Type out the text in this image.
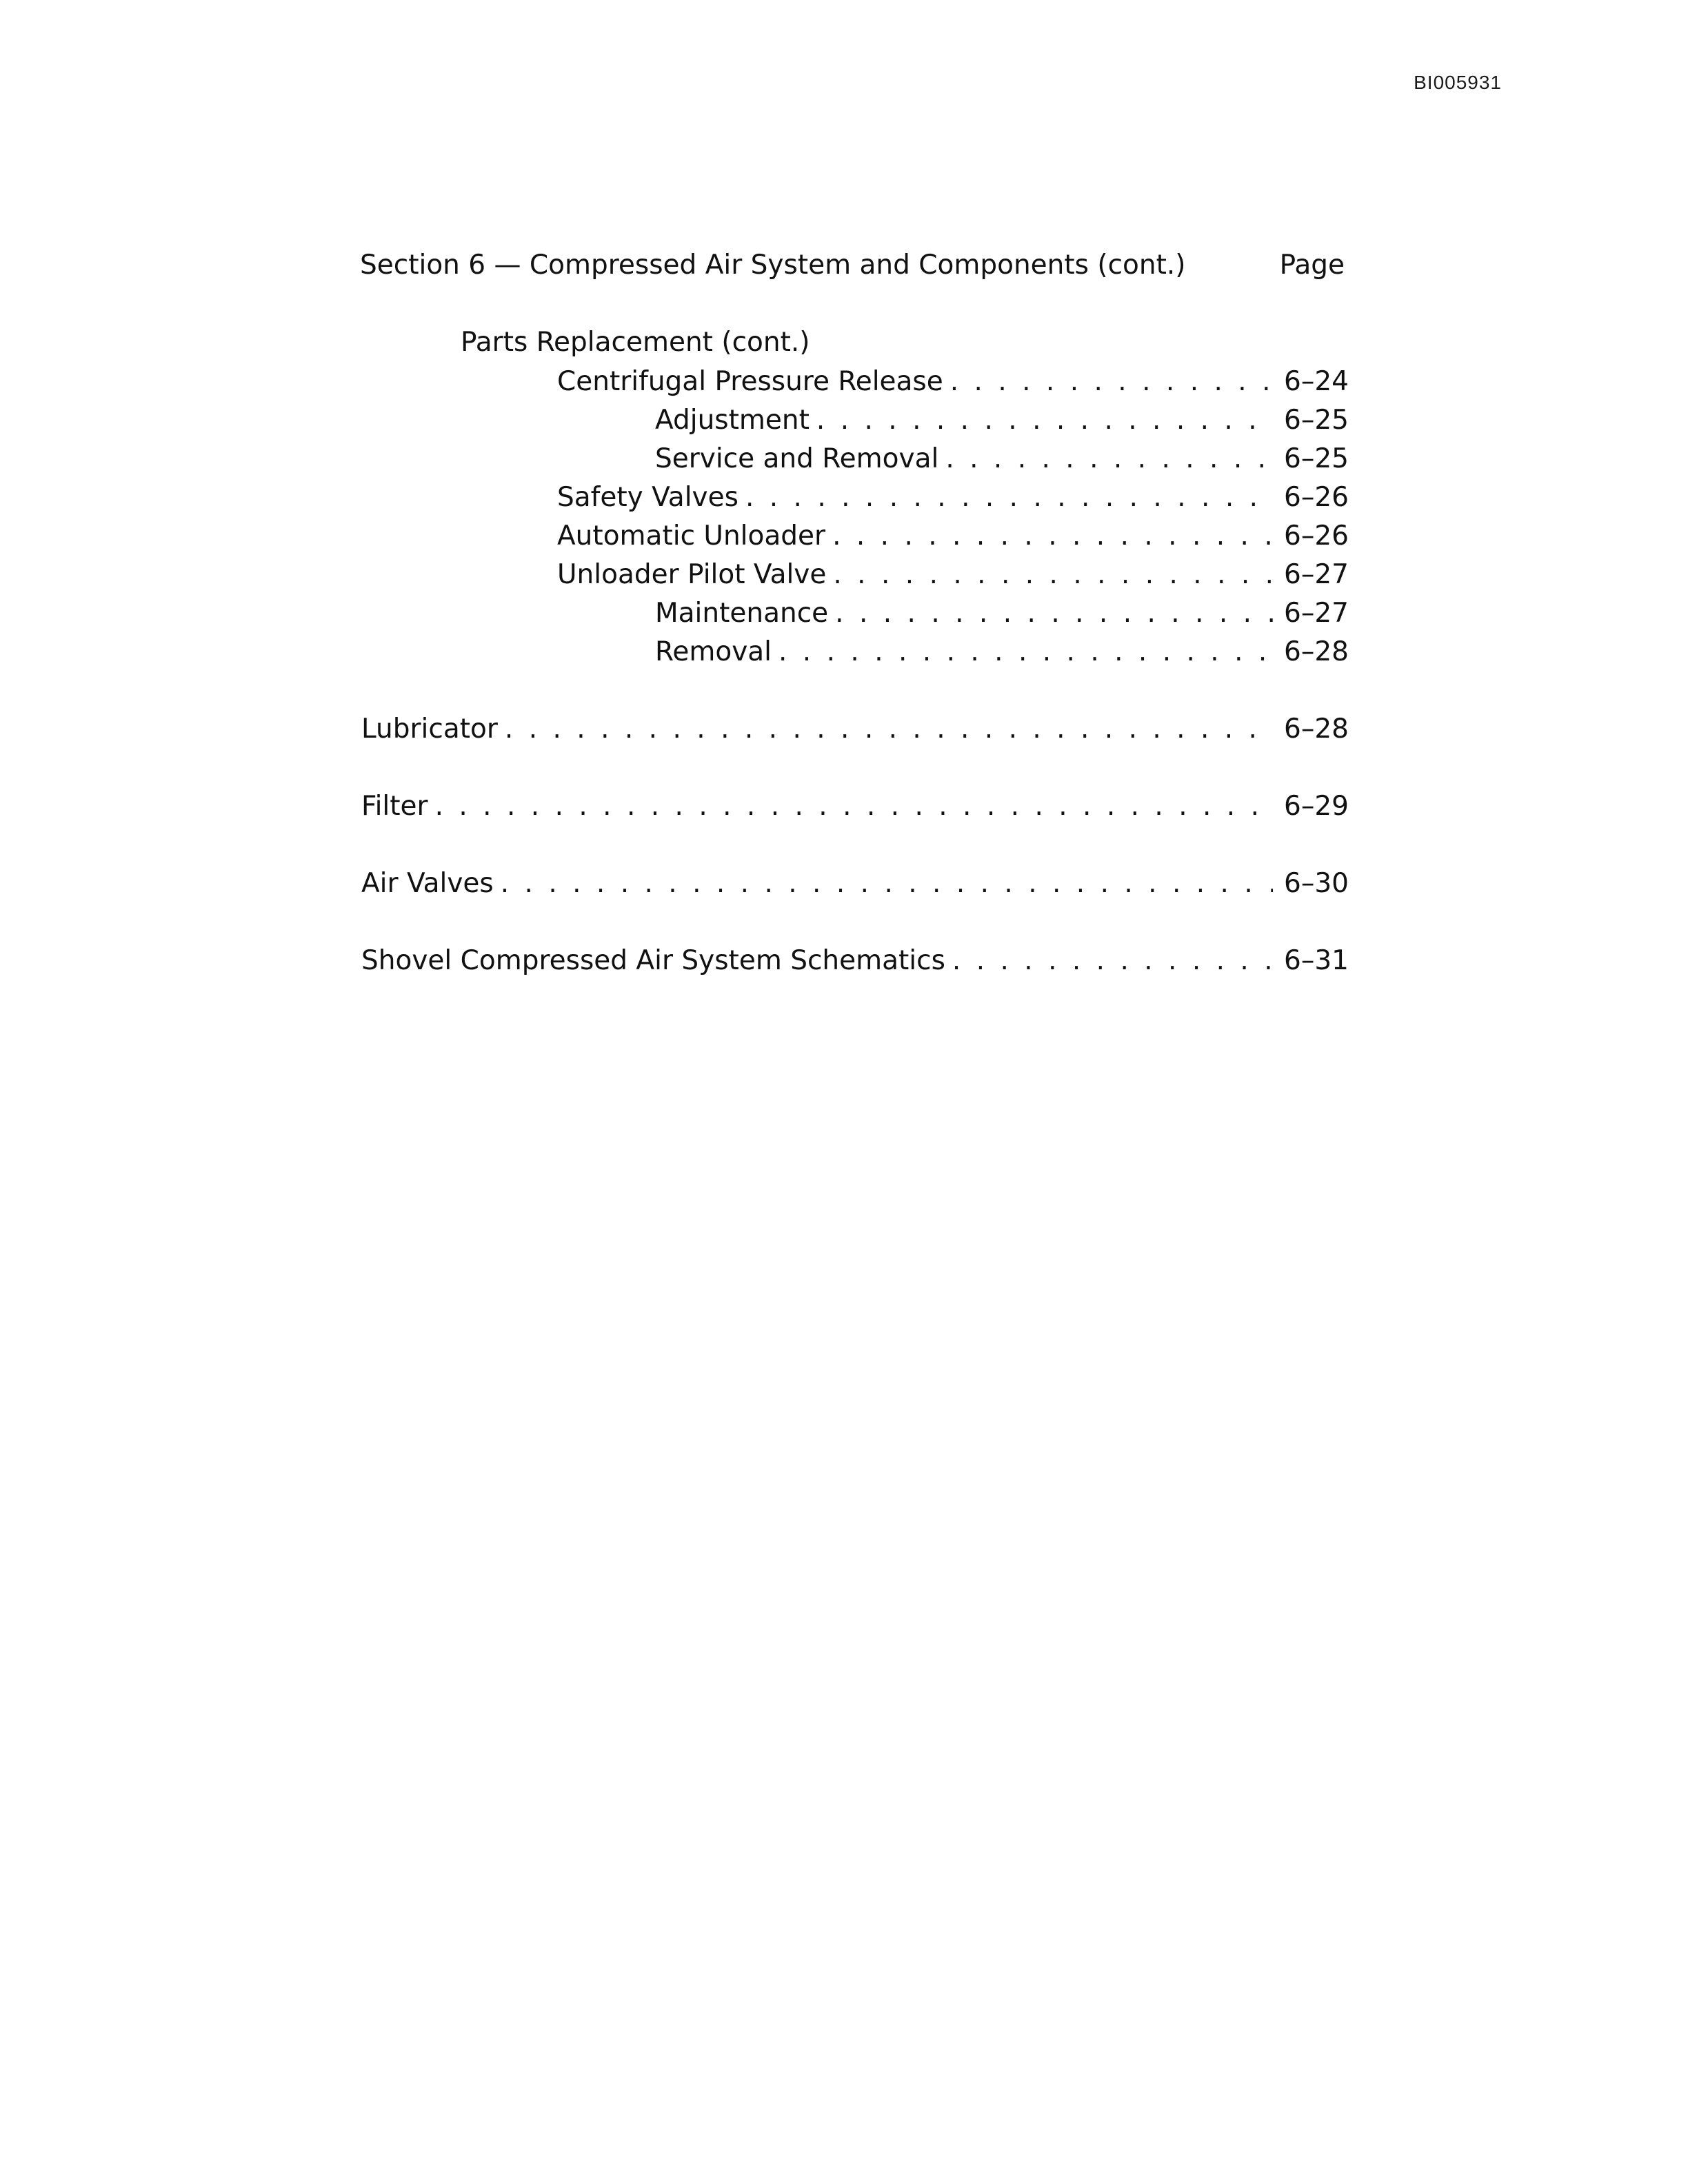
BI005931
Section 6 — Compressed Air System and Components (cont.)	Page
Parts Replacement (cont.)
Centrifugal Pressure Release . . .	6–24
Adjustment . . .	6–25
Service and Removal . . .	6–25
Safety Valves . . .	6–26
Automatic Unloader . . .	6–26
Unloader Pilot Valve . . .	6–27
Maintenance . . .	6–27
Removal . . .	6–28
Lubricator . . .	6–28
Filter . . .	6–29
Air Valves . . .	6–30
Shovel Compressed Air System Schematics . . .	6–31
